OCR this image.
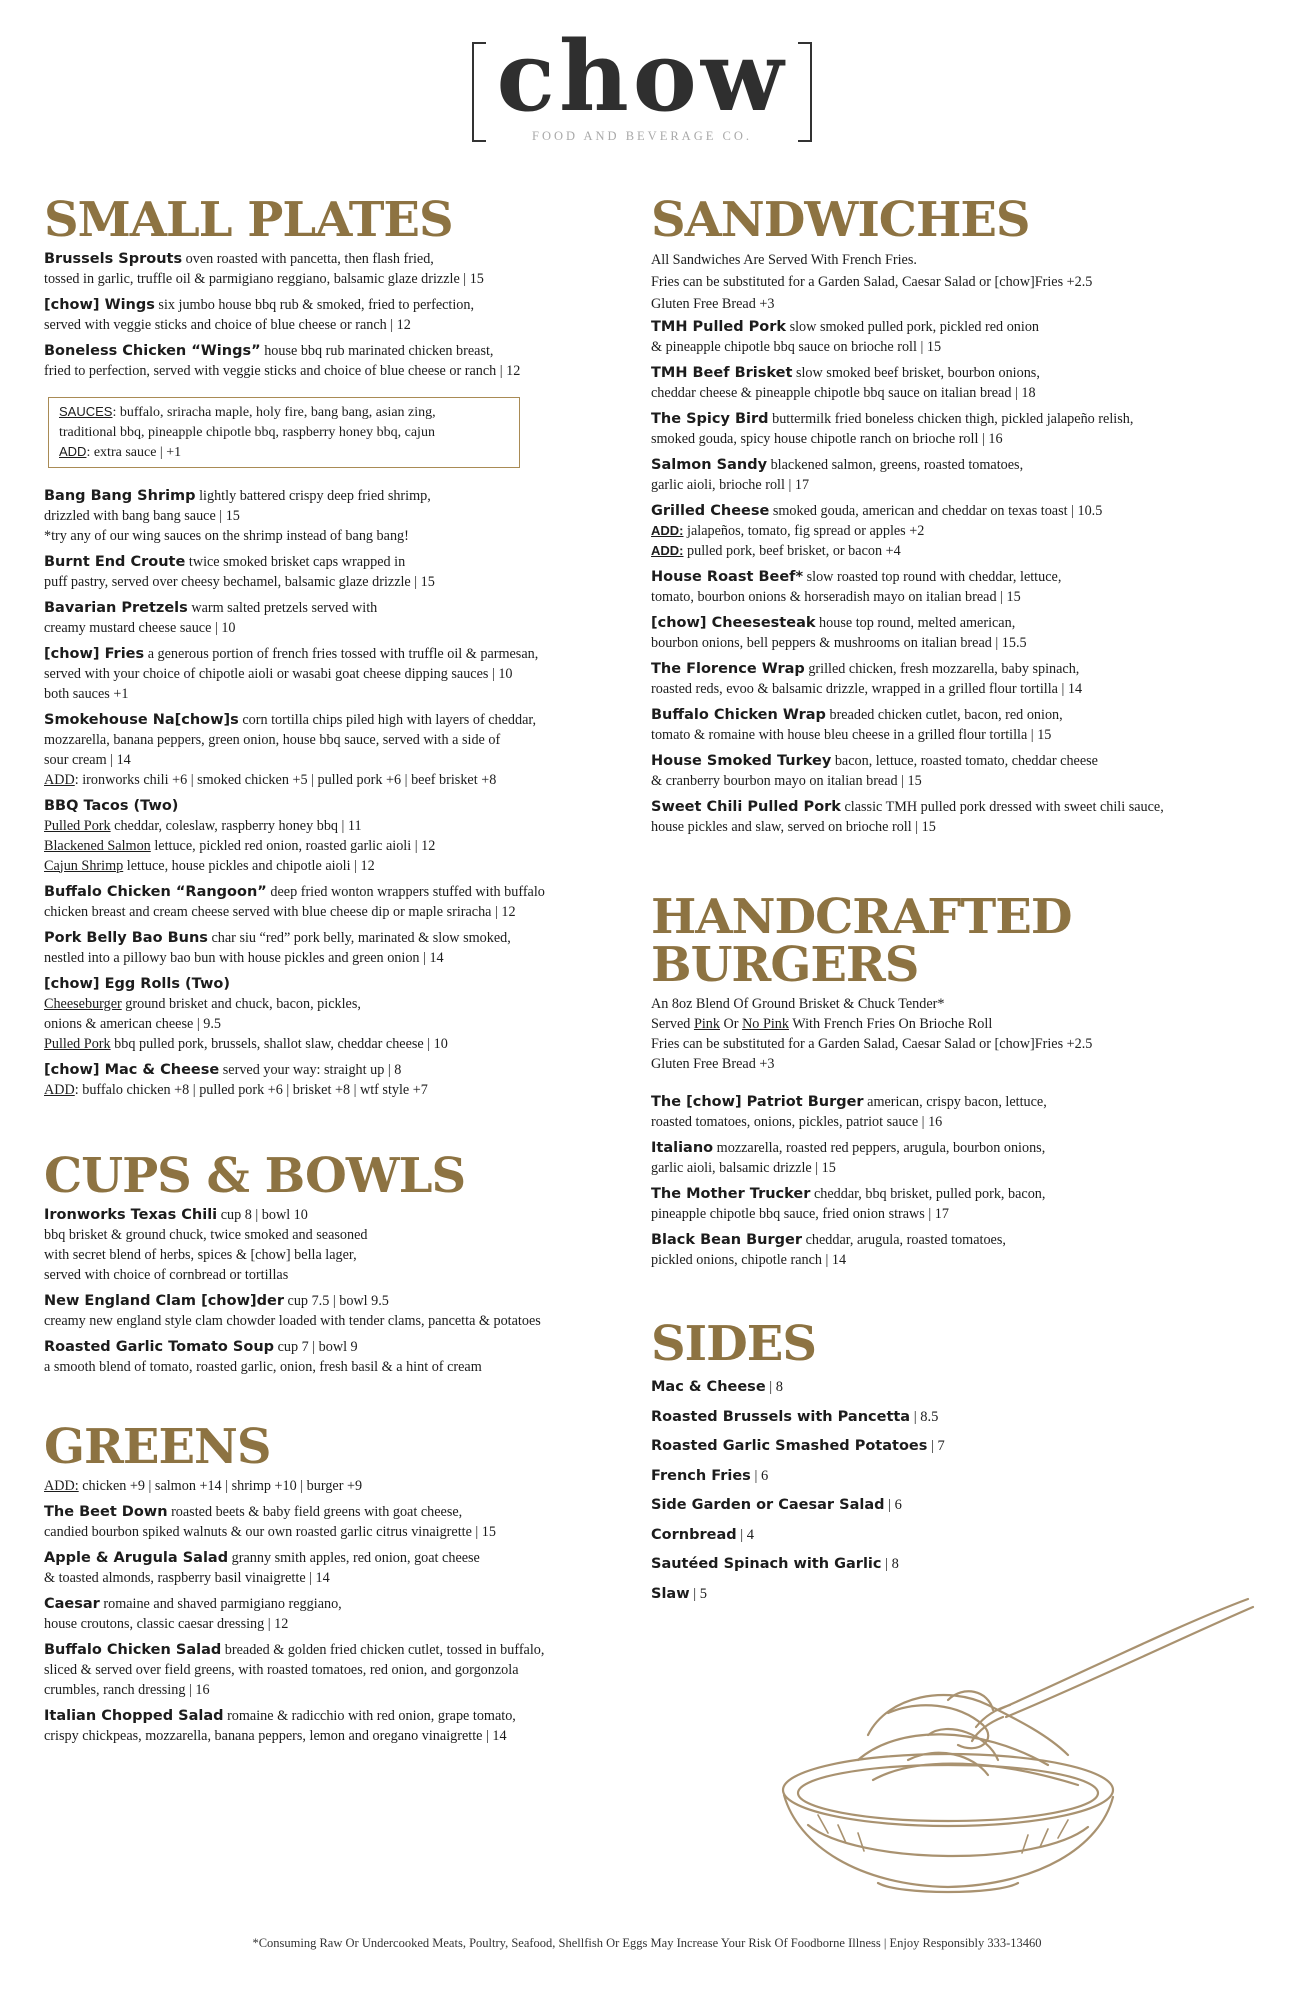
chow
FOOD AND BEVERAGE CO.
SMALL PLATES
Brussels Sprouts oven roasted with pancetta, then flash fried,
tossed in garlic, truffle oil & parmigiano reggiano, balsamic glaze drizzle | 15
[chow] Wings six jumbo house bbq rub & smoked, fried to perfection,
served with veggie sticks and choice of blue cheese or ranch | 12
Boneless Chicken “Wings” house bbq rub marinated chicken breast,
fried to perfection, served with veggie sticks and choice of blue cheese or ranch | 12
SAUCES: buffalo, sriracha maple, holy fire, bang bang, asian zing,
traditional bbq, pineapple chipotle bbq, raspberry honey bbq, cajun
ADD: extra sauce | +1
Bang Bang Shrimp lightly battered crispy deep fried shrimp,
drizzled with bang bang sauce | 15
*try any of our wing sauces on the shrimp instead of bang bang!
Burnt End Croute twice smoked brisket caps wrapped in
puff pastry, served over cheesy bechamel, balsamic glaze drizzle | 15
Bavarian Pretzels warm salted pretzels served with
creamy mustard cheese sauce | 10
[chow] Fries a generous portion of french fries tossed with truffle oil & parmesan,
served with your choice of chipotle aioli or wasabi goat cheese dipping sauces | 10
both sauces +1
Smokehouse Na[chow]s corn tortilla chips piled high with layers of cheddar,
mozzarella, banana peppers, green onion, house bbq sauce, served with a side of
sour cream | 14
ADD: ironworks chili +6 | smoked chicken +5 | pulled pork +6 | beef brisket +8
BBQ Tacos (Two)
Pulled Pork cheddar, coleslaw, raspberry honey bbq | 11
Blackened Salmon lettuce, pickled red onion, roasted garlic aioli | 12
Cajun Shrimp lettuce, house pickles and chipotle aioli | 12
Buffalo Chicken “Rangoon” deep fried wonton wrappers stuffed with buffalo
chicken breast and cream cheese served with blue cheese dip or maple sriracha | 12
Pork Belly Bao Buns char siu “red” pork belly, marinated & slow smoked,
nestled into a pillowy bao bun with house pickles and green onion | 14
[chow] Egg Rolls (Two)
Cheeseburger ground brisket and chuck, bacon, pickles,
onions & american cheese | 9.5
Pulled Pork bbq pulled pork, brussels, shallot slaw, cheddar cheese | 10
[chow] Mac & Cheese served your way: straight up | 8
ADD: buffalo chicken +8 | pulled pork +6 | brisket +8 | wtf style +7
CUPS & BOWLS
Ironworks Texas Chili cup 8 | bowl 10
bbq brisket & ground chuck, twice smoked and seasoned
with secret blend of herbs, spices & [chow] bella lager,
served with choice of cornbread or tortillas
New England Clam [chow]der cup 7.5 | bowl 9.5
creamy new england style clam chowder loaded with tender clams, pancetta & potatoes
Roasted Garlic Tomato Soup cup 7 | bowl 9
a smooth blend of tomato, roasted garlic, onion, fresh basil & a hint of cream
GREENS
ADD: chicken +9 | salmon +14 | shrimp +10 | burger +9
The Beet Down roasted beets & baby field greens with goat cheese,
candied bourbon spiked walnuts & our own roasted garlic citrus vinaigrette | 15
Apple & Arugula Salad granny smith apples, red onion, goat cheese
& toasted almonds, raspberry basil vinaigrette | 14
Caesar romaine and shaved parmigiano reggiano,
house croutons, classic caesar dressing | 12
Buffalo Chicken Salad breaded & golden fried chicken cutlet, tossed in buffalo,
sliced & served over field greens, with roasted tomatoes, red onion, and gorgonzola
crumbles, ranch dressing | 16
Italian Chopped Salad romaine & radicchio with red onion, grape tomato,
crispy chickpeas, mozzarella, banana peppers, lemon and oregano vinaigrette | 14
SANDWICHES
All Sandwiches Are Served With French Fries.
Fries can be substituted for a Garden Salad, Caesar Salad or [chow]Fries +2.5
Gluten Free Bread +3
TMH Pulled Pork slow smoked pulled pork, pickled red onion
& pineapple chipotle bbq sauce on brioche roll | 15
TMH Beef Brisket slow smoked beef brisket, bourbon onions,
cheddar cheese & pineapple chipotle bbq sauce on italian bread | 18
The Spicy Bird buttermilk fried boneless chicken thigh, pickled jalapeño relish,
smoked gouda, spicy house chipotle ranch on brioche roll | 16
Salmon Sandy blackened salmon, greens, roasted tomatoes,
garlic aioli, brioche roll | 17
Grilled Cheese smoked gouda, american and cheddar on texas toast | 10.5
ADD: jalapeños, tomato, fig spread or apples +2
ADD: pulled pork, beef brisket, or bacon +4
House Roast Beef* slow roasted top round with cheddar, lettuce,
tomato, bourbon onions & horseradish mayo on italian bread | 15
[chow] Cheesesteak house top round, melted american,
bourbon onions, bell peppers & mushrooms on italian bread | 15.5
The Florence Wrap grilled chicken, fresh mozzarella, baby spinach,
roasted reds, evoo & balsamic drizzle, wrapped in a grilled flour tortilla | 14
Buffalo Chicken Wrap breaded chicken cutlet, bacon, red onion,
tomato & romaine with house bleu cheese in a grilled flour tortilla | 15
House Smoked Turkey bacon, lettuce, roasted tomato, cheddar cheese
& cranberry bourbon mayo on italian bread | 15
Sweet Chili Pulled Pork classic TMH pulled pork dressed with sweet chili sauce,
house pickles and slaw, served on brioche roll | 15
HANDCRAFTED
BURGERS
An 8oz Blend Of Ground Brisket & Chuck Tender*
Served Pink Or No Pink With French Fries On Brioche Roll
Fries can be substituted for a Garden Salad, Caesar Salad or [chow]Fries +2.5
Gluten Free Bread +3
The [chow] Patriot Burger american, crispy bacon, lettuce,
roasted tomatoes, onions, pickles, patriot sauce | 16
Italiano mozzarella, roasted red peppers, arugula, bourbon onions,
garlic aioli, balsamic drizzle | 15
The Mother Trucker cheddar, bbq brisket, pulled pork, bacon,
pineapple chipotle bbq sauce, fried onion straws | 17
Black Bean Burger cheddar, arugula, roasted tomatoes,
pickled onions, chipotle ranch | 14
SIDES
Mac & Cheese | 8
Roasted Brussels with Pancetta | 8.5
Roasted Garlic Smashed Potatoes | 7
French Fries | 6
Side Garden or Caesar Salad | 6
Cornbread | 4
Sautéed Spinach with Garlic | 8
Slaw | 5
*Consuming Raw Or Undercooked Meats, Poultry, Seafood, Shellfish Or Eggs May Increase Your Risk Of Foodborne Illness | Enjoy Responsibly 333-13460
